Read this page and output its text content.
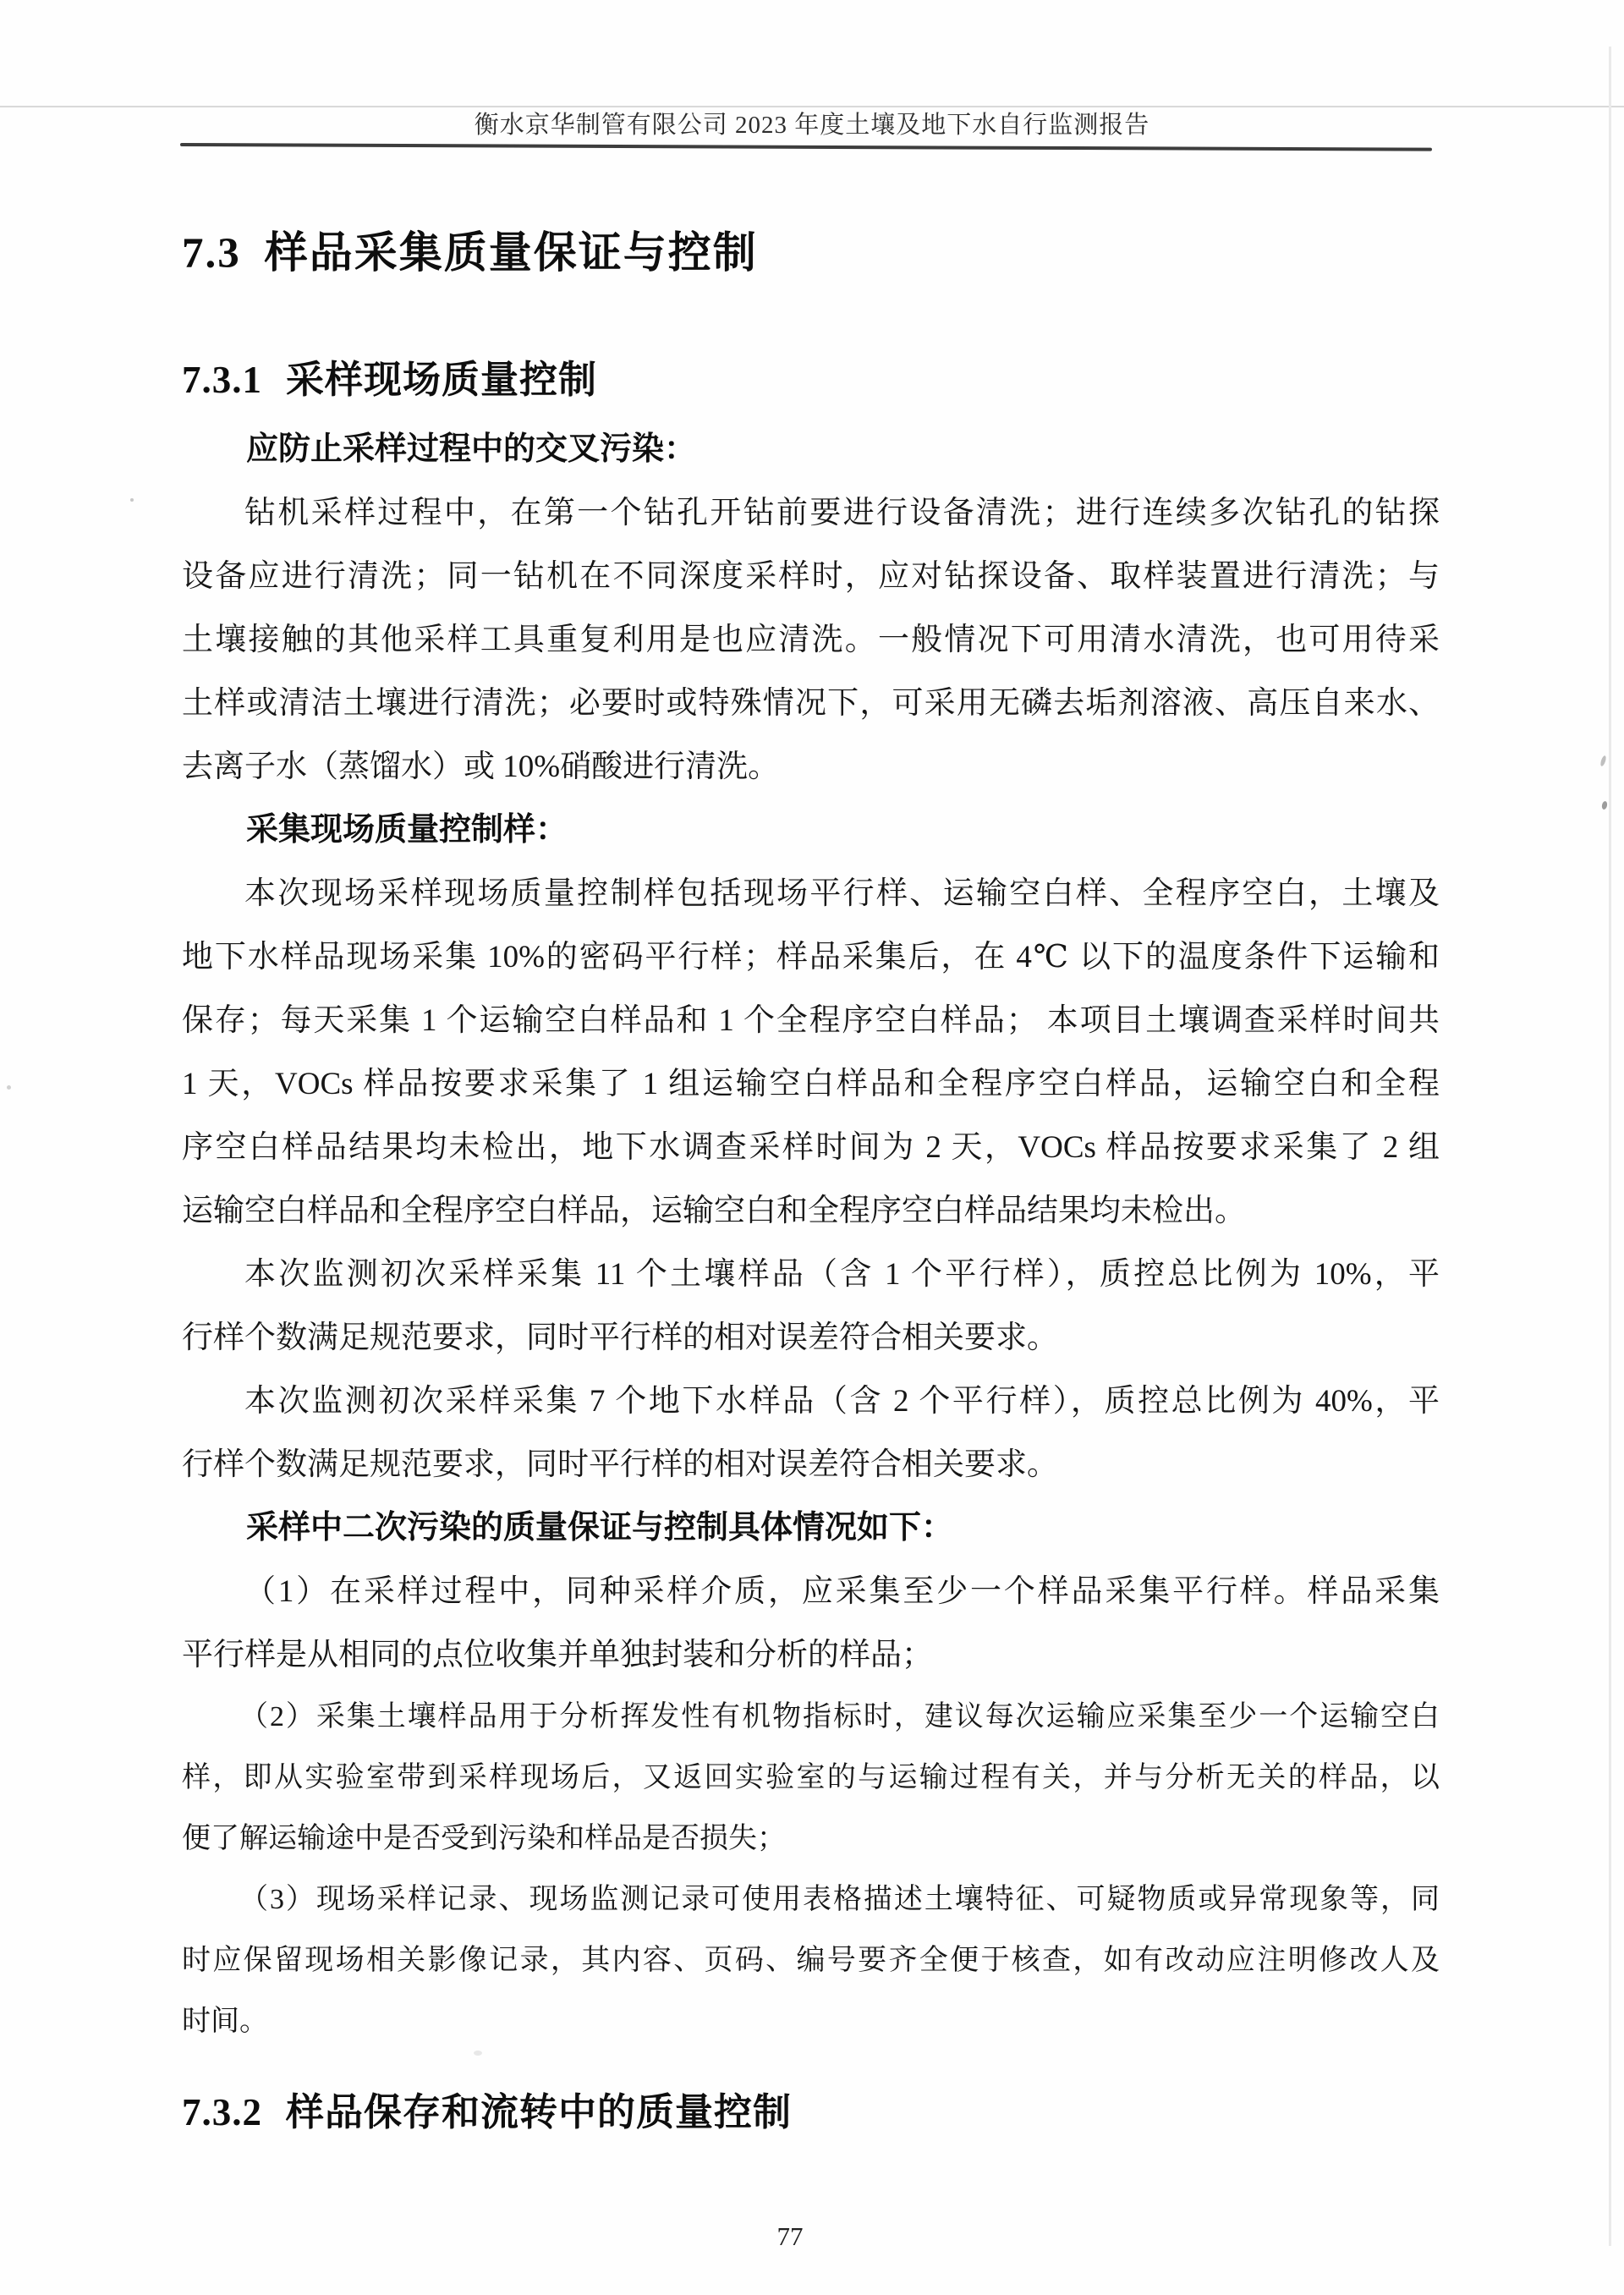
衡水京华制管有限公司 2023 年度土壤及地下水自行监测报告
7.3 样品采集质量保证与控制
7.3.1 采样现场质量控制
应防止采样过程中的交叉污染：
钻机采样过程中，在第一个钻孔开钻前要进行设备清洗；进行连续多次钻孔的钻探
设备应进行清洗；同一钻机在不同深度采样时，应对钻探设备、取样装置进行清洗；与
土壤接触的其他采样工具重复利用是也应清洗。一般情况下可用清水清洗，也可用待采
土样或清洁土壤进行清洗；必要时或特殊情况下，可采用无磷去垢剂溶液、高压自来水、
去离子水（蒸馏水）或 10%硝酸进行清洗。
采集现场质量控制样：
本次现场采样现场质量控制样包括现场平行样、运输空白样、全程序空白，土壤及
地下水样品现场采集 10%的密码平行样；样品采集后，在 4℃ 以下的温度条件下运输和
保存；每天采集 1 个运输空白样品和 1 个全程序空白样品； 本项目土壤调查采样时间共
1 天，VOCs 样品按要求采集了 1 组运输空白样品和全程序空白样品，运输空白和全程
序空白样品结果均未检出，地下水调查采样时间为 2 天，VOCs 样品按要求采集了 2 组
运输空白样品和全程序空白样品，运输空白和全程序空白样品结果均未检出。
本次监测初次采样采集 11 个土壤样品（含 1 个平行样），质控总比例为 10%，平
行样个数满足规范要求，同时平行样的相对误差符合相关要求。
本次监测初次采样采集 7 个地下水样品（含 2 个平行样），质控总比例为 40%，平
行样个数满足规范要求，同时平行样的相对误差符合相关要求。
采样中二次污染的质量保证与控制具体情况如下：
（1）在采样过程中，同种采样介质，应采集至少一个样品采集平行样。样品采集
平行样是从相同的点位收集并单独封装和分析的样品；
（2）采集土壤样品用于分析挥发性有机物指标时，建议每次运输应采集至少一个运输空白
样，即从实验室带到采样现场后，又返回实验室的与运输过程有关，并与分析无关的样品，以
便了解运输途中是否受到污染和样品是否损失；
（3）现场采样记录、现场监测记录可使用表格描述土壤特征、可疑物质或异常现象等，同
时应保留现场相关影像记录，其内容、页码、编号要齐全便于核查，如有改动应注明修改人及
时间。
7.3.2 样品保存和流转中的质量控制
77
